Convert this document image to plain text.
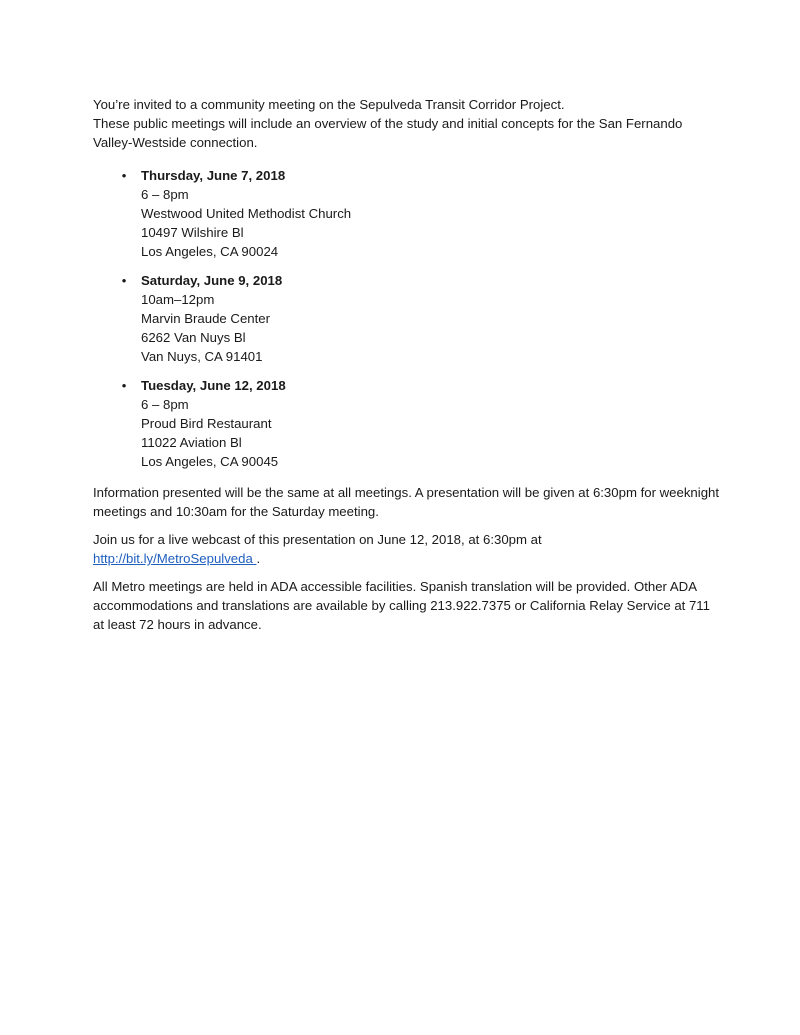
You’re invited to a community meeting on the Sepulveda Transit Corridor Project.

These public meetings will include an overview of the study and initial concepts for the San Fernando Valley-Westside connection.

• Thursday, June 7, 2018
6 – 8pm
Westwood United Methodist Church
10497 Wilshire Bl
Los Angeles, CA 90024
• Saturday, June 9, 2018
10am–12pm
Marvin Braude Center
6262 Van Nuys Bl
Van Nuys, CA 91401
• Tuesday, June 12, 2018
6 – 8pm
Proud Bird Restaurant
11022 Aviation Bl
Los Angeles, CA 90045

Information presented will be the same at all meetings. A presentation will be given at 6:30pm for weeknight meetings and 10:30am for the Saturday meeting.

Join us for a live webcast of this presentation on June 12, 2018, at 6:30pm at
http://bit.ly/MetroSepulveda .

All Metro meetings are held in ADA accessible facilities. Spanish translation will be provided. Other ADA accommodations and translations are available by calling 213.922.7375 or California Relay Service at 711 at least 72 hours in advance.
